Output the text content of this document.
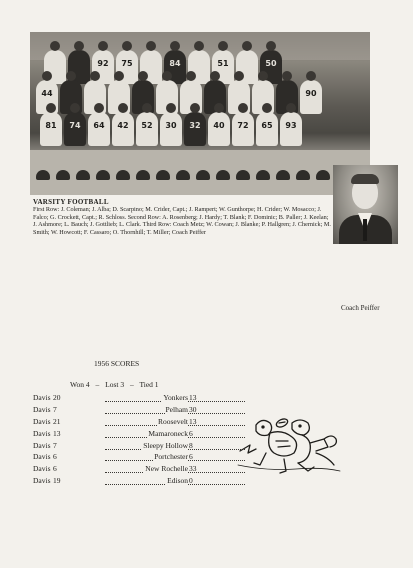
92	75	84	51	50
44	90
81	74	64	42	52	30	32	40	72	65	93
VARSITY FOOTBALL

First Row: J. Coleman; J. Alba; D. Scarpino; M. Crider, Capt.; J. Rampert; W. Gunthorpe; H. Crider; W. Mosacco; J. Falco; G. Crockett, Capt.; R. Schloss. Second Row: A. Rosenberg; J. Hardy; T. Blank; F. Dominic; B. Paller; J. Keelan; J. Ashmore; L. Bauch; J. Gottlieb; L. Clark. Third Row: Coach Metz; W. Cowan; J. Blanke; P. Hallgren; J. Chernick; M. Smith; W. Howcott; F. Cassaro; O. Thornhill; T. Miller; Coach Peiffer

Coach Peiffer
1956 SCORES
Won 4 – Lost 3 – Tied 1
Davis 20	Yonkers 13
Davis 7	Pelham 30
Davis 21	Roosevelt 13
Davis 13	Mamaroneck 6
Davis 7	Sleepy Hollow 8
Davis 6	Portchester 6
Davis 6	New Rochelle 33
Davis 19	Edison 0
